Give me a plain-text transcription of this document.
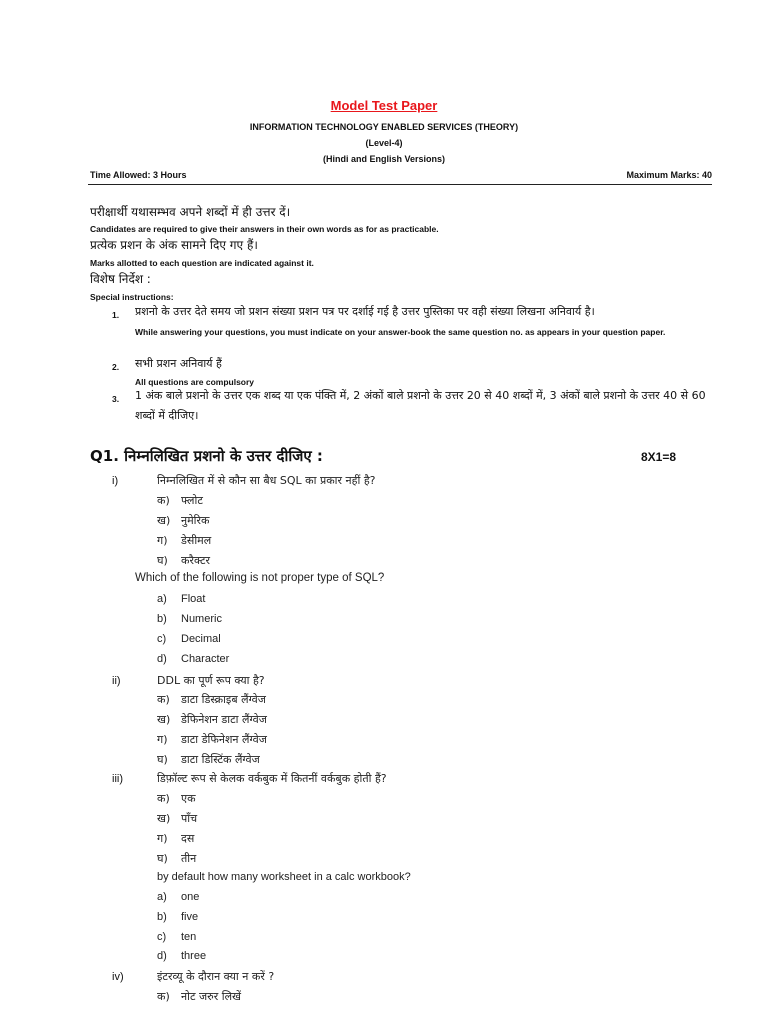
Model Test Paper
INFORMATION TECHNOLOGY ENABLED SERVICES (THEORY)
(Level-4)
(Hindi and English Versions)
Time Allowed: 3 Hours	Maximum Marks: 40
परीक्षार्थी यथासम्भव अपने शब्दों में ही उत्तर दें।
Candidates are required to give their answers in their own words as for as practicable.
प्रत्येक प्रशन के अंक सामने दिए गए हैं।
Marks allotted to each question are indicated against it.
विशेष निर्देश :
Special instructions:
1. प्रशनो के उत्तर देते समय जो प्रशन संख्या प्रशन पत्र पर दर्शाई गई है उत्तर पुस्तिका पर वही संख्या लिखना अनिवार्य है।
While answering your questions, you must indicate on your answer-book the same question no. as appears in your question paper.
2. सभी प्रशन अनिवार्य हैं
All questions are compulsory
3. 1 अंक बाले प्रशनो के उत्तर एक शब्द या एक पंक्ति में, 2 अंकों बाले प्रशनो के उत्तर 20 से 40 शब्दों में, 3 अंकों बाले प्रशनो के उत्तर 40 से 60 शब्दों में दीजिए।
Q1. निम्नलिखित प्रशनो के उत्तर दीजिए :	8X1=8
i)	निम्नलिखित में से कौन सा बैध SQL का प्रकार नहीं है?
क) फ्लोट
ख) नुमेरिक
ग) डेसीमल
घ) करैक्टर
Which of the following is not proper type of SQL?
a) Float
b) Numeric
c) Decimal
d) Character
ii)	DDL का पूर्ण रूप क्या है?
क) डाटा डिस्क्राइब लैंग्वेज
ख) डेफिनेशन डाटा लैंग्वेज
ग) डाटा डेफिनेशन लैंग्वेज
घ) डाटा डिस्टिंक लैंग्वेज
iii)	डिफ़ॉल्ट रूप से केलक वर्कबुक में कितनीं वर्कबुक होती हैं?
क) एक
ख) पाँच
ग) दस
घ) तीन
by default how many worksheet in a calc workbook?
a) one
b) five
c) ten
d) three
iv)	इंटरव्यू के दौरान क्या न करें ?
क) नोट जरुर लिखें
